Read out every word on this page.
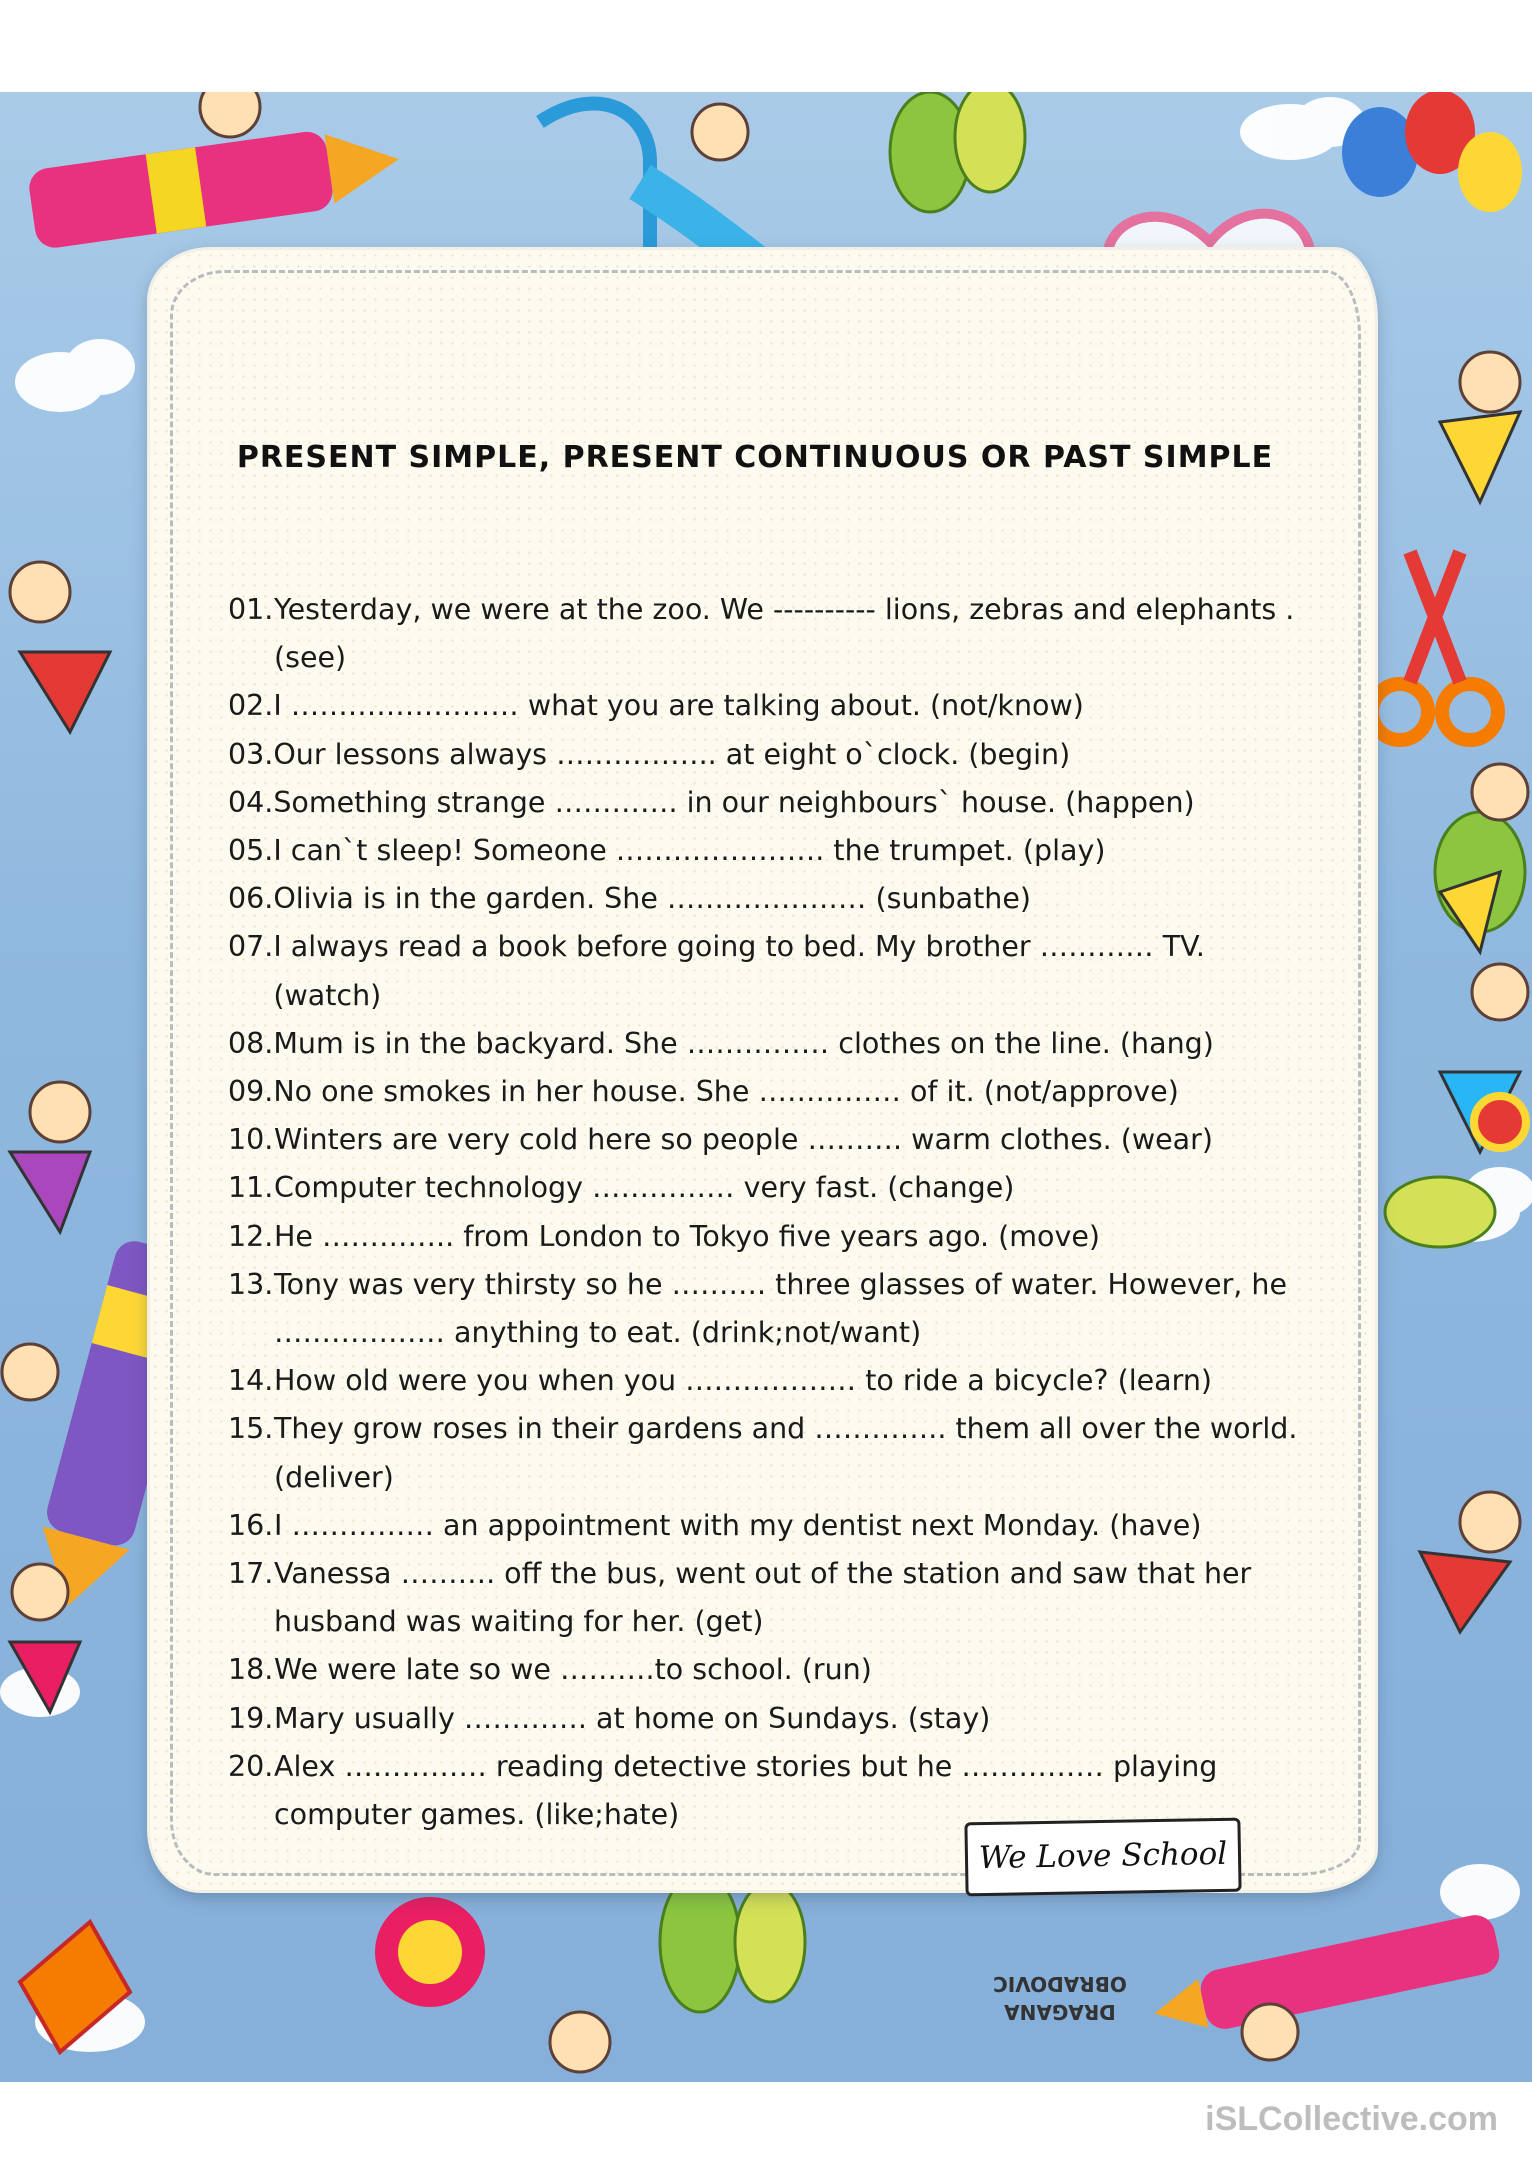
PRESENT SIMPLE, PRESENT CONTINUOUS OR PAST SIMPLE
01. Yesterday, we were at the zoo. We ---------- lions, zebras and elephants . (see)
02. I …………………… what you are talking about. (not/know)
03. Our lessons always …………….. at eight o`clock. (begin)
04. Something strange …………. in our neighbours` house. (happen)
05. I can`t sleep! Someone …………………. the trumpet. (play)
06. Olivia is in the garden. She ………………… (sunbathe)
07. I always read a book before going to bed. My brother ………… TV. (watch)
08. Mum is in the backyard. She …………… clothes on the line. (hang)
09. No one smokes in her house. She …………… of it. (not/approve)
10. Winters are very cold here so people ………. warm clothes. (wear)
11. Computer technology …………… very fast. (change)
12. He ………….. from London to Tokyo five years ago. (move)
13. Tony was very thirsty so he ………. three glasses of water. However, he ……………… anything to eat. (drink;not/want)
14. How old were you when you ……………… to ride a bicycle? (learn)
15. They grow roses in their gardens and ………….. them all over the world. (deliver)
16. I …………… an appointment with my dentist next Monday. (have)
17. Vanessa ………. off the bus, went out of the station and saw that her husband was waiting for her. (get)
18. We were late so we ……….to school. (run)
19. Mary usually …………. at home on Sundays. (stay)
20. Alex …………… reading detective stories but he …………… playing computer games. (like;hate)
We Love School
DRAGANA
OBRADOVIC
iSLCollective.com
